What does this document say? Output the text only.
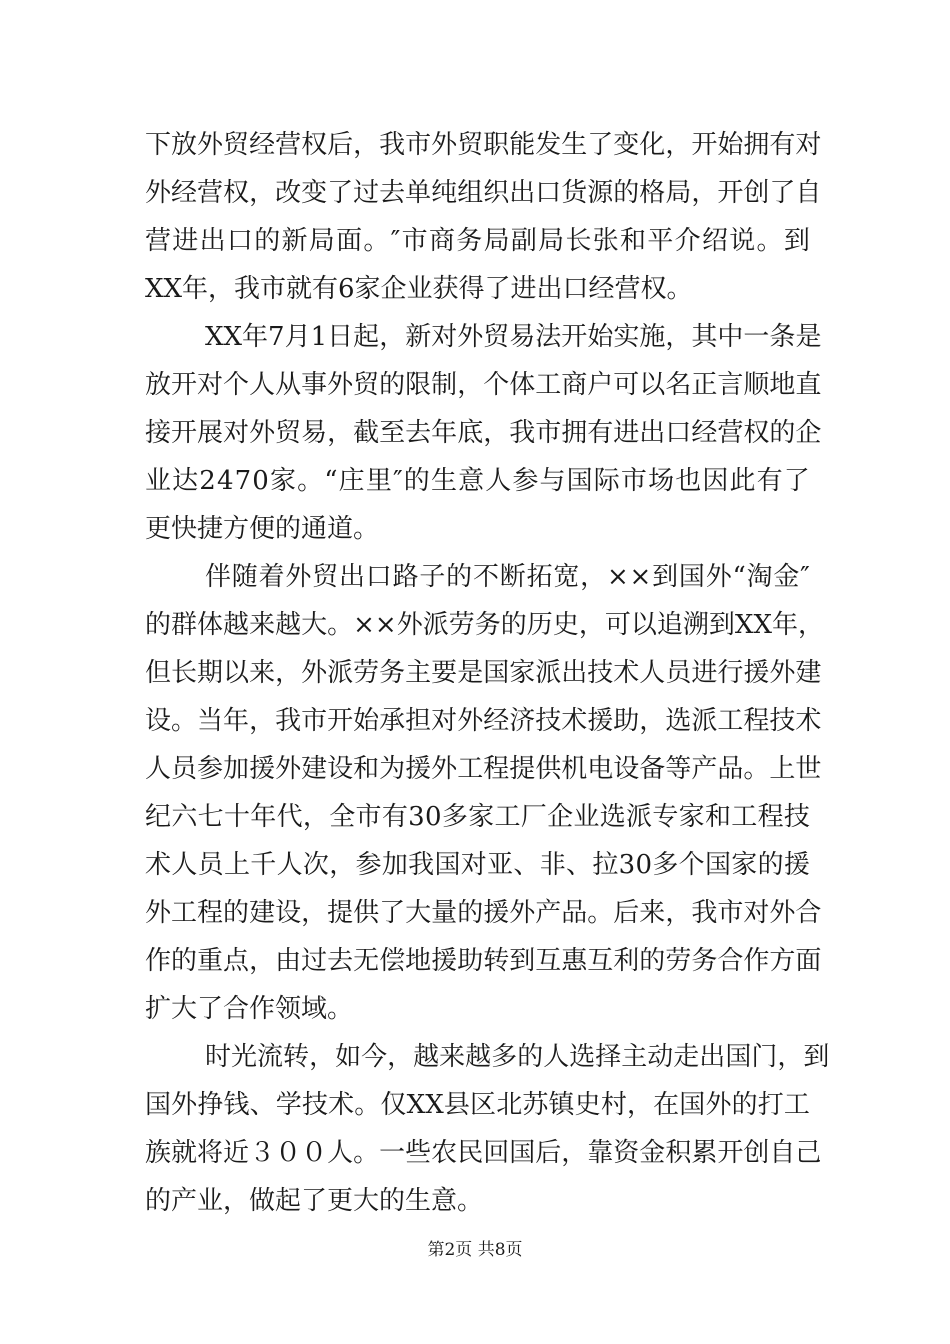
下 放 外 贸 经 营 权 后 ， 我 市 外 贸 职 能 发 生 了 变 化 ， 开 始 拥 有 对
外 经 营 权 ， 改 变 了 过 去 单 纯 组 织 出 口 货 源 的 格 局 ， 开 创 了 自
营 进 出 口 的 新 局 面 。 ″ 市 商 务 局 副 局 长 张 和 平 介 绍 说 。 到
XX年，我市就有6家企业获得了进出口经营权。
X X 年 7 月 1 日 起 ， 新 对 外 贸 易 法 开 始 实 施 ， 其 中 一 条 是
放 开 对 个 人 从 事 外 贸 的 限 制 ， 个 体 工 商 户 可 以 名 正 言 顺 地 直
接 开 展 对 外 贸 易 ， 截 至 去 年 底 ， 我 市 拥 有 进 出 口 经 营 权 的 企
业 达 2 4 7 0 家 。 “ 庄 里 ″ 的 生 意 人 参 与 国 际 市 场 也 因 此 有 了
更快捷方便的通道。
伴 随 着 外 贸 出 口 路 子 的 不 断 拓 宽 ， × × 到 国 外 “ 淘 金 ″
的 群 体 越 来 越 大 。 × × 外 派 劳 务 的 历 史 ， 可 以 追 溯 到 X X 年 ，
但 长 期 以 来 ， 外 派 劳 务 主 要 是 国 家 派 出 技 术 人 员 进 行 援 外 建
设 。 当 年 ， 我 市 开 始 承 担 对 外 经 济 技 术 援 助 ， 选 派 工 程 技 术
人 员 参 加 援 外 建 设 和 为 援 外 工 程 提 供 机 电 设 备 等 产 品 。 上 世
纪 六 七 十 年 代 ， 全 市 有 3 0 多 家 工 厂 企 业 选 派 专 家 和 工 程 技
术 人 员 上 千 人 次 ， 参 加 我 国 对 亚 、 非 、 拉 3 0 多 个 国 家 的 援
外 工 程 的 建 设 ， 提 供 了 大 量 的 援 外 产 品 。 后 来 ， 我 市 对 外 合
作 的 重 点 ， 由 过 去 无 偿 地 援 助 转 到 互 惠 互 利 的 劳 务 合 作 方 面
扩大了合作领域。
时 光 流 转 ， 如 今 ， 越 来 越 多 的 人 选 择 主 动 走 出 国 门 ， 到
国 外 挣 钱 、 学 技 术 。 仅 X X 县 区 北 苏 镇 史 村 ， 在 国 外 的 打 工
族 就 将 近 ３ ０ ０ 人 。 一 些 农 民 回 国 后 ， 靠 资 金 积 累 开 创 自 己
的产业，做起了更大的生意。
第2页 共8页
